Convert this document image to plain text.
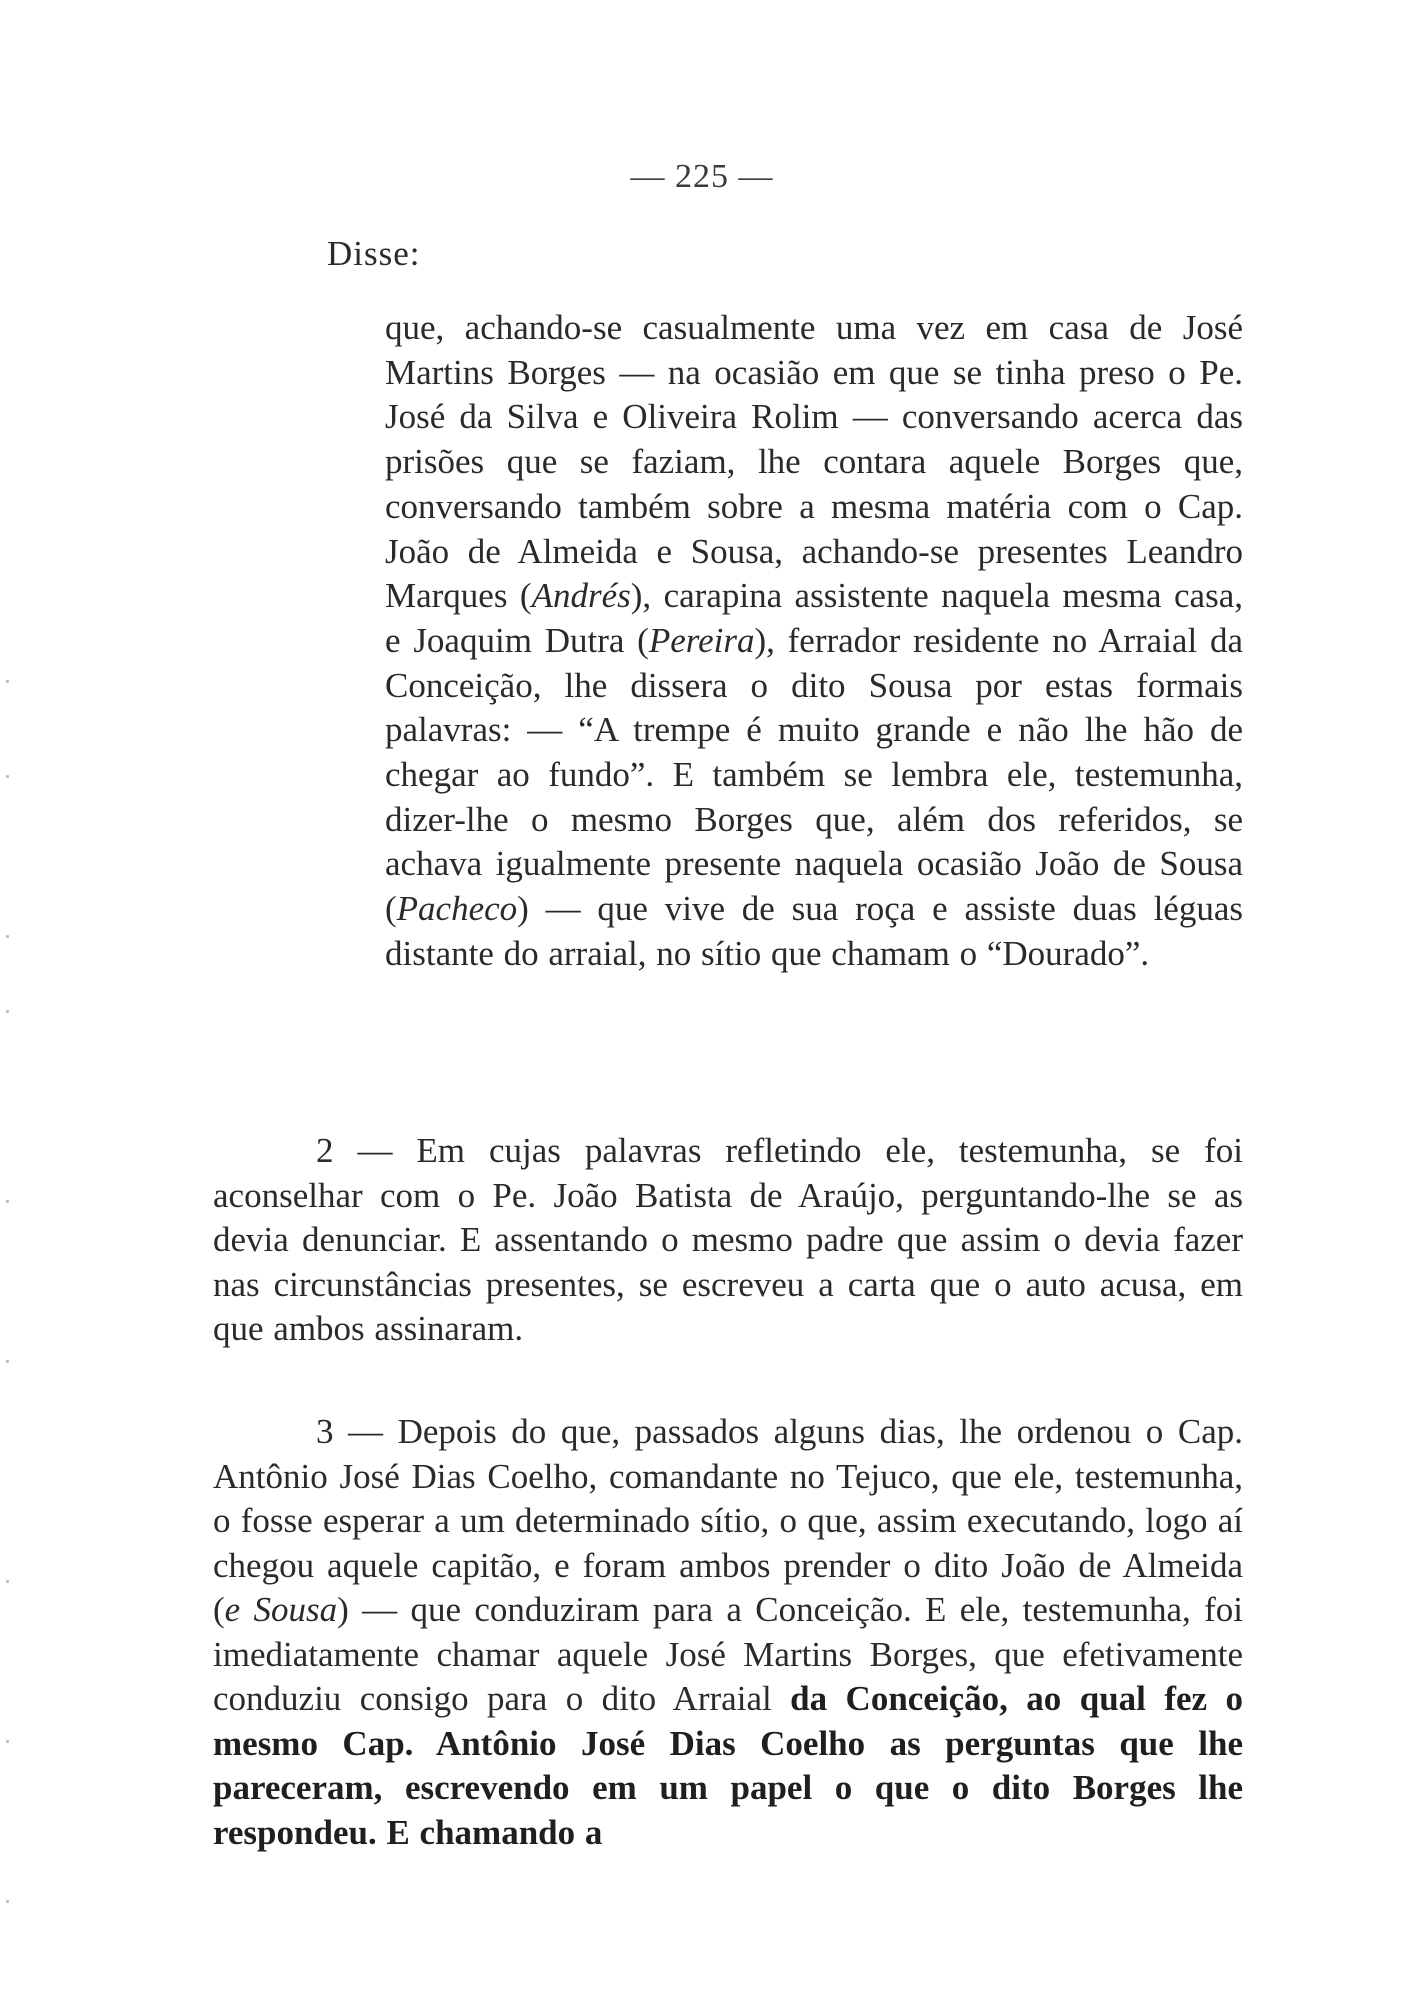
— 225 —
Disse:
que, achando-se casualmente uma vez em casa de José Martins Borges — na ocasião em que se tinha preso o Pe. José da Silva e Oliveira Rolim — conversando acerca das prisões que se faziam, lhe contara aquele Borges que, conversando também sobre a mesma matéria com o Cap. João de Almeida e Sousa, achando-se presentes Leandro Marques (Andrés), carapina assistente naquela mesma casa, e Joaquim Dutra (Pereira), ferrador residente no Arraial da Conceição, lhe dissera o dito Sousa por estas formais palavras: — “A trempe é muito grande e não lhe hão de chegar ao fundo”. E também se lembra ele, testemunha, dizer-lhe o mesmo Borges que, além dos referidos, se achava igualmente presente naquela ocasião João de Sousa (Pacheco) — que vive de sua roça e assiste duas léguas distante do arraial, no sítio que chamam o “Dourado”.
2 — Em cujas palavras refletindo ele, testemunha, se foi aconselhar com o Pe. João Batista de Araújo, perguntando-lhe se as devia denunciar. E assentando o mesmo padre que assim o devia fazer nas circunstâncias presentes, se escreveu a carta que o auto acusa, em que ambos assinaram.
3 — Depois do que, passados alguns dias, lhe ordenou o Cap. Antônio José Dias Coelho, comandante no Tejuco, que ele, testemunha, o fosse esperar a um determinado sítio, o que, assim executando, logo aí chegou aquele capitão, e foram ambos prender o dito João de Almeida (e Sousa) — que conduziram para a Conceição. E ele, testemunha, foi imediatamente chamar aquele José Martins Borges, que efetivamente conduziu consigo para o dito Arraial da Conceição, ao qual fez o mesmo Cap. Antônio José Dias Coelho as perguntas que lhe pareceram, escrevendo em um papel o que o dito Borges lhe respondeu. E chamando a
